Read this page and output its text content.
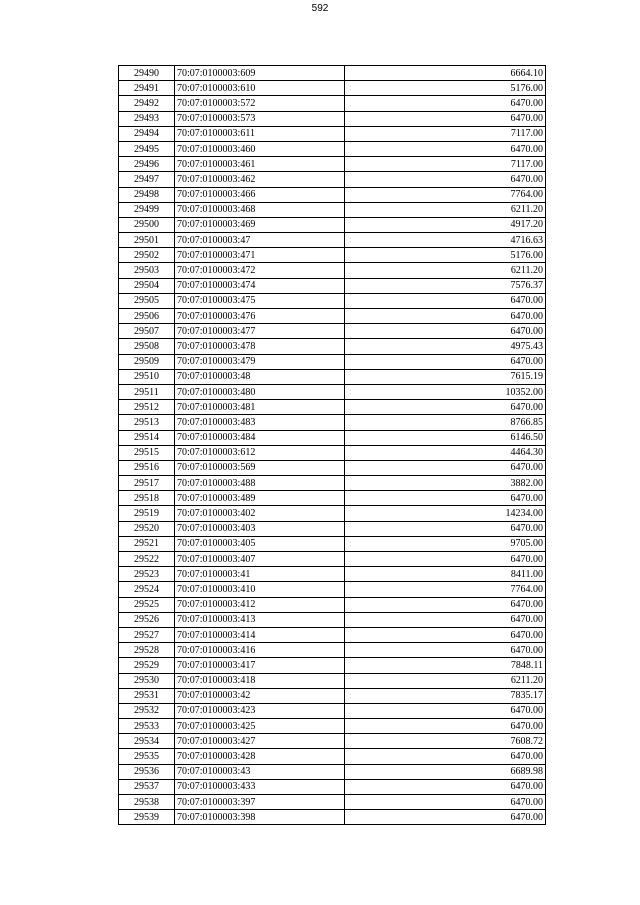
592
29490	70:07:0100003:609	6664.10
29491	70:07:0100003:610	5176.00
29492	70:07:0100003:572	6470.00
29493	70:07:0100003:573	6470.00
29494	70:07:0100003:611	7117.00
29495	70:07:0100003:460	6470.00
29496	70:07:0100003:461	7117.00
29497	70:07:0100003:462	6470.00
29498	70:07:0100003:466	7764.00
29499	70:07:0100003:468	6211.20
29500	70:07:0100003:469	4917.20
29501	70:07:0100003:47	4716.63
29502	70:07:0100003:471	5176.00
29503	70:07:0100003:472	6211.20
29504	70:07:0100003:474	7576.37
29505	70:07:0100003:475	6470.00
29506	70:07:0100003:476	6470.00
29507	70:07:0100003:477	6470.00
29508	70:07:0100003:478	4975.43
29509	70:07:0100003:479	6470.00
29510	70:07:0100003:48	7615.19
29511	70:07:0100003:480	10352.00
29512	70:07:0100003:481	6470.00
29513	70:07:0100003:483	8766.85
29514	70:07:0100003:484	6146.50
29515	70:07:0100003:612	4464.30
29516	70:07:0100003:569	6470.00
29517	70:07:0100003:488	3882.00
29518	70:07:0100003:489	6470.00
29519	70:07:0100003:402	14234.00
29520	70:07:0100003:403	6470.00
29521	70:07:0100003:405	9705.00
29522	70:07:0100003:407	6470.00
29523	70:07:0100003:41	8411.00
29524	70:07:0100003:410	7764.00
29525	70:07:0100003:412	6470.00
29526	70:07:0100003:413	6470.00
29527	70:07:0100003:414	6470.00
29528	70:07:0100003:416	6470.00
29529	70:07:0100003:417	7848.11
29530	70:07:0100003:418	6211.20
29531	70:07:0100003:42	7835.17
29532	70:07:0100003:423	6470.00
29533	70:07:0100003:425	6470.00
29534	70:07:0100003:427	7608.72
29535	70:07:0100003:428	6470.00
29536	70:07:0100003:43	6689.98
29537	70:07:0100003:433	6470.00
29538	70:07:0100003:397	6470.00
29539	70:07:0100003:398	6470.00
